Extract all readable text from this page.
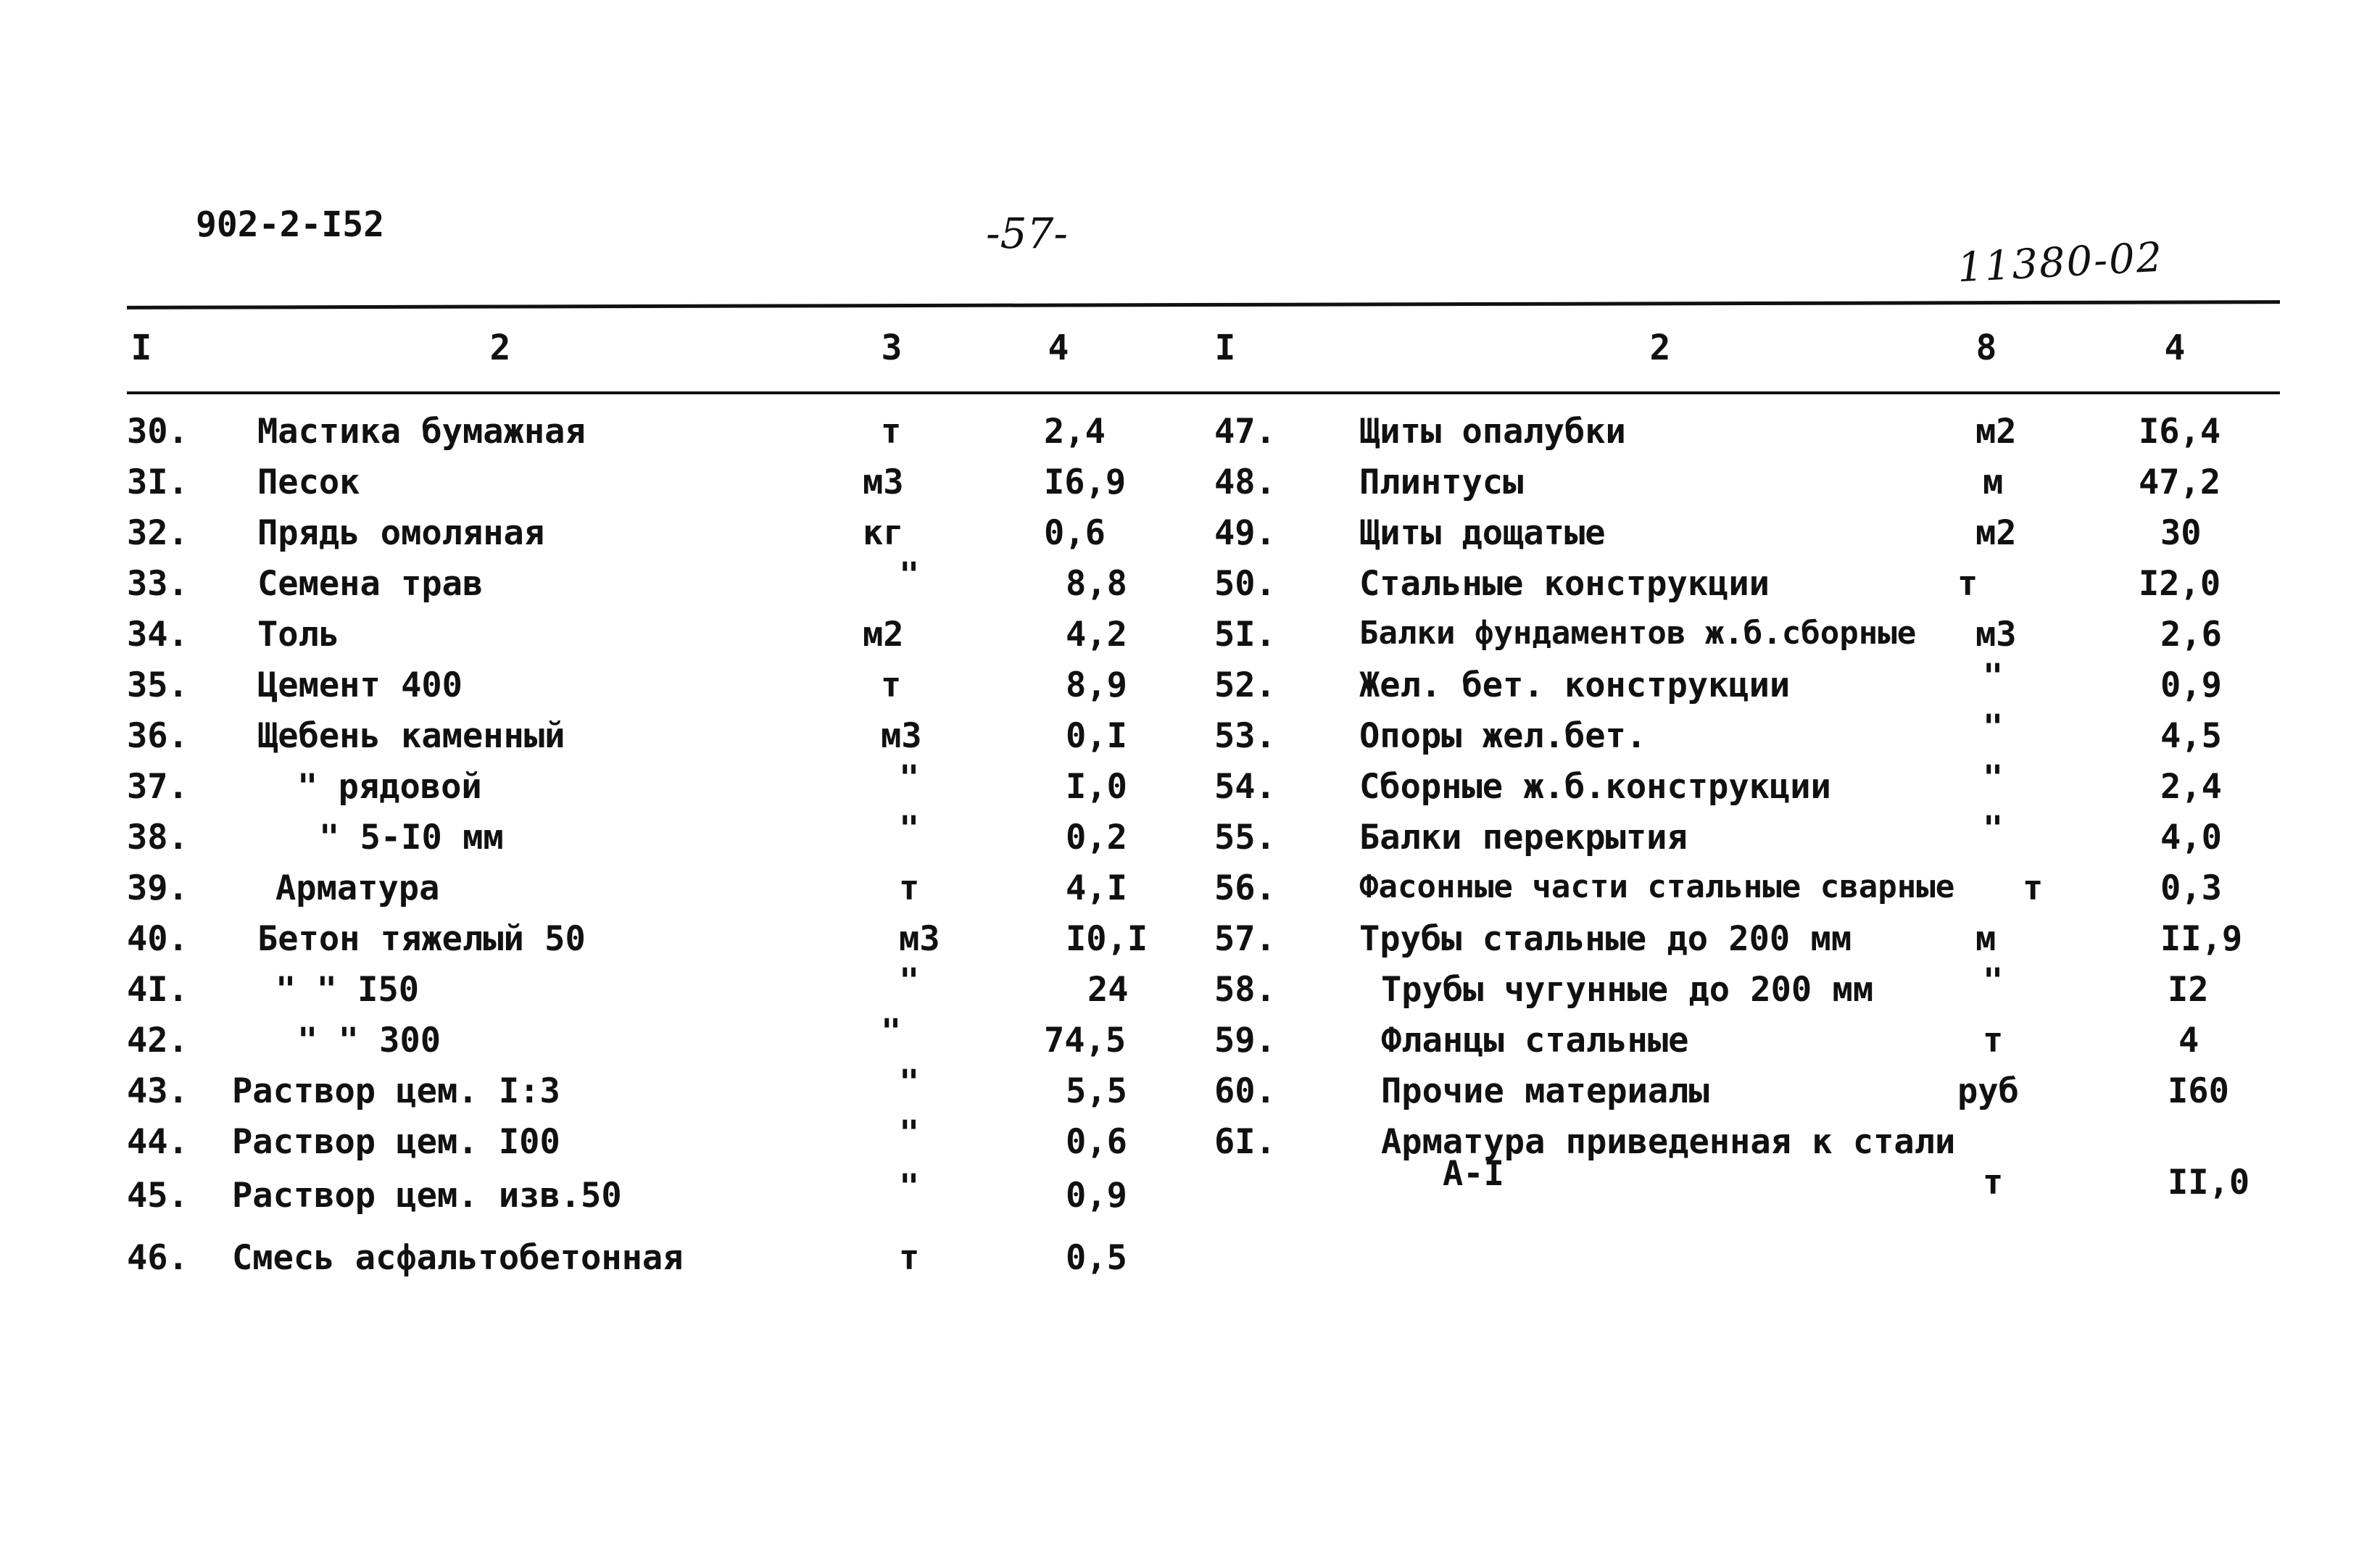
902-2-I52	-57-
11380-02
I	2	3	4	I	2	8	4
30. Мастика бумажная	т	2,4
3I. Песок	м3	I6,9
32. Прядь омоляная	кг	0,6
33. Семена трав	"	8,8
34. Толь	м2	4,2
35. Цемент 400	т	8,9
36. Щебень каменный	м3	0,I
37.	" рядовой	"	I,0
38.	" 5-I0 мм	"	0,2
39.	Арматура	т	4,I
40. Бетон тяжелый 50	м3	I0,I
4I.	" " I50	"	24
42.	" " 300	"	74,5
43. Раствор цем. I:3	"	5,5
44. Раствор цем. I00	"	0,6
45. Раствор цем. изв.50	"	0,9
46. Смесь асфальтобетонная	т	0,5
47. Щиты опалубки	м2	I6,4
48. Плинтусы	м	47,2
49. Щиты дощатые	м2	30
50. Стальные конструкции	т	I2,0
5I.	Балки фундаментов ж.б.сборные м3	2,6
52. Жел. бет. конструкции	"	0,9
53. Опоры жел.бет.	"	4,5
54. Сборные ж.б.конструкции	"	2,4
55. Балки перекрытия	"	4,0
56.	Фасонные части стальные сварные т	0,3
57. Трубы стальные до 200 мм	м	II,9
58.	Трубы чугунные до 200 мм	"	I2
59.	Фланцы стальные	т	4
60.	Прочие материалы	руб	I60
6I.	Арматура приведенная к стали
A-I	т	II,0
